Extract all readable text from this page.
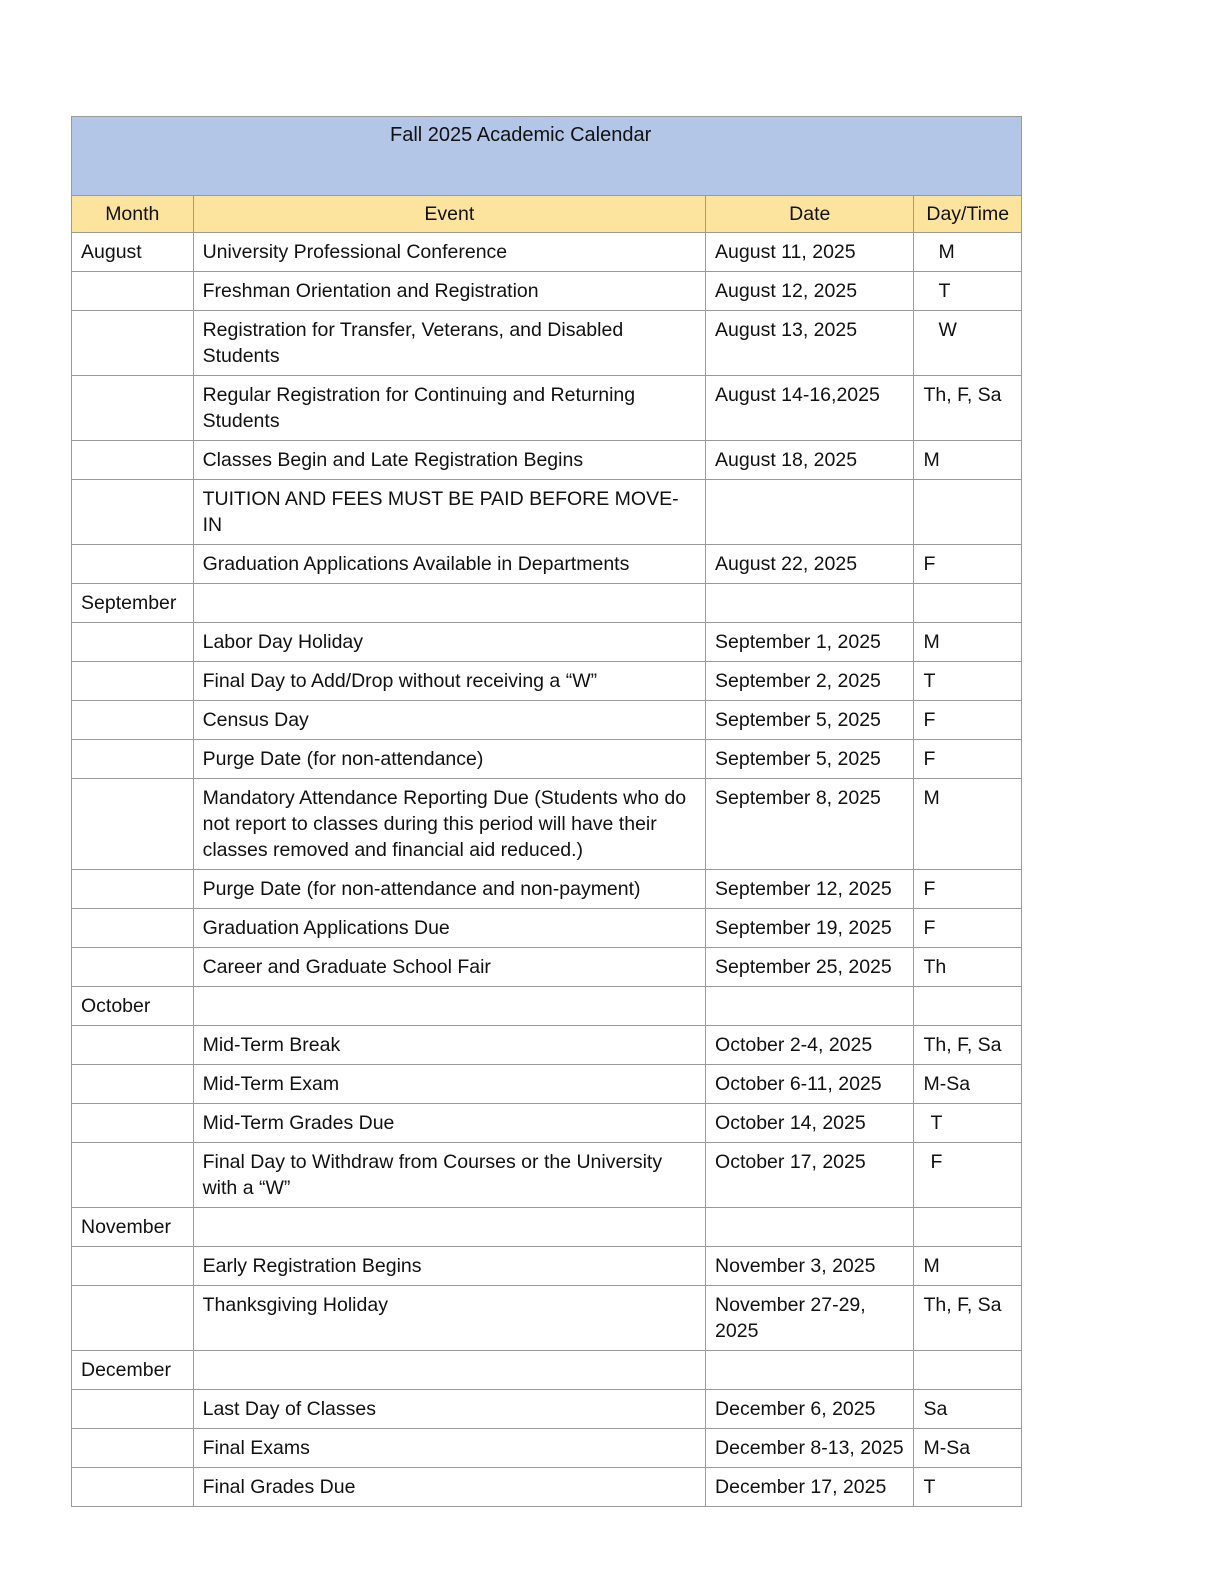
Fall 2025 Academic Calendar			
Month	Event	Date	Day/Time
August	University Professional Conference	August 11, 2025	M
	Freshman Orientation and Registration	August 12, 2025	T
	Registration for Transfer, Veterans, and Disabled Students	August 13, 2025	W
	Regular Registration for Continuing and Returning Students	August 14-16,2025	Th, F, Sa
	Classes Begin and Late Registration Begins	August 18, 2025	M
	TUITION AND FEES MUST BE PAID BEFORE MOVE-IN		
	Graduation Applications Available in Departments	August 22, 2025	F
September			
	Labor Day Holiday	September 1, 2025	M
	Final Day to Add/Drop without receiving a “W”	September 2, 2025	T
	Census Day	September 5, 2025	F
	Purge Date (for non-attendance)	September 5, 2025	F
	Mandatory Attendance Reporting Due (Students who do not report to classes during this period will have their classes removed and financial aid reduced.)	September 8, 2025	M
	Purge Date (for non-attendance and non-payment)	September 12, 2025	F
	Graduation Applications Due	September 19, 2025	F
	Career and Graduate School Fair	September 25, 2025	Th
October			
	Mid-Term Break	October 2-4, 2025	Th, F, Sa
	Mid-Term Exam	October 6-11, 2025	M-Sa
	Mid-Term Grades Due	October 14, 2025	T
	Final Day to Withdraw from Courses or the University with a “W”	October 17, 2025	F
November			
	Early Registration Begins	November 3, 2025	M
	Thanksgiving Holiday	November 27-29, 2025	Th, F, Sa
December			
	Last Day of Classes	December 6, 2025	Sa
	Final Exams	December 8-13, 2025	M-Sa
	Final Grades Due	December 17, 2025	T
